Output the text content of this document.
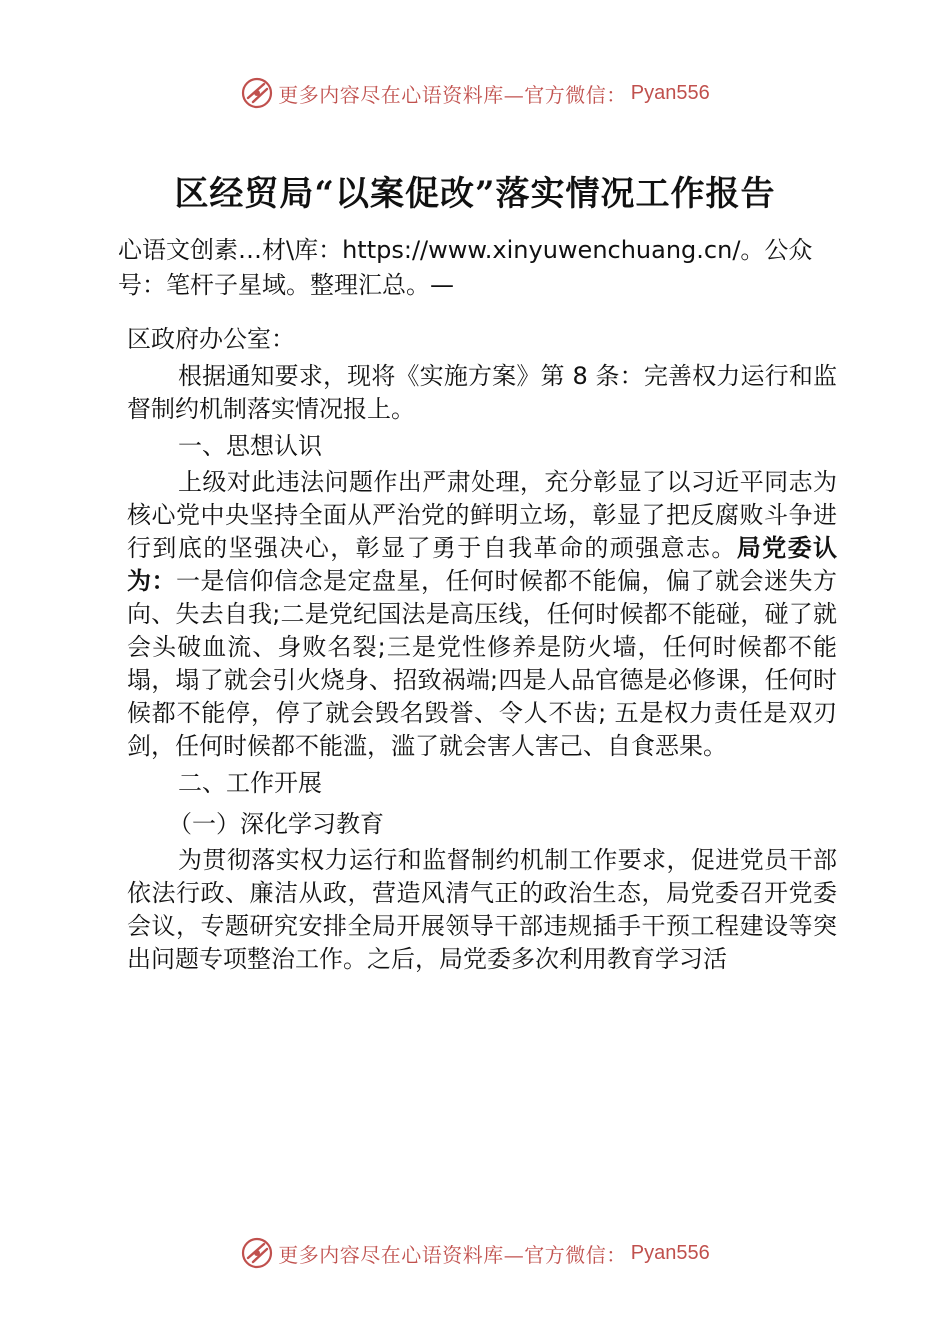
更多内容尽在心语资料库—官方微信： Pyan556
区经贸局“以案促改”落实情况工作报告
心语文创素…材\库：https://www.xinyuwenchuang.cn/。公众号：笔杆子星域。整理汇总。—

区政府办公室：

根据通知要求，现将《实施方案》第 8 条：完善权力运行和监督制约机制落实情况报上。

一、思想认识

上级对此违法问题作出严肃处理，充分彰显了以习近平同志为核心党中央坚持全面从严治党的鲜明立场，彰显了把反腐败斗争进行到底的坚强决心，彰显了勇于自我革命的顽强意志。局党委认为：一是信仰信念是定盘星，任何时候都不能偏，偏了就会迷失方向、失去自我;二是党纪国法是高压线，任何时候都不能碰，碰了就会头破血流、身败名裂;三是党性修养是防火墙，任何时候都不能塌，塌了就会引火烧身、招致祸端;四是人品官德是必修课，任何时候都不能停，停了就会毁名毁誉、令人不齿; 五是权力责任是双刃剑，任何时候都不能滥，滥了就会害人害己、自食恶果。

二、工作开展

（一）深化学习教育

为贯彻落实权力运行和监督制约机制工作要求，促进党员干部依法行政、廉洁从政，营造风清气正的政治生态，局党委召开党委会议，专题研究安排全局开展领导干部违规插手干预工程建设等突出问题专项整治工作。之后，局党委多次利用教育学习活

更多内容尽在心语资料库—官方微信： Pyan556
